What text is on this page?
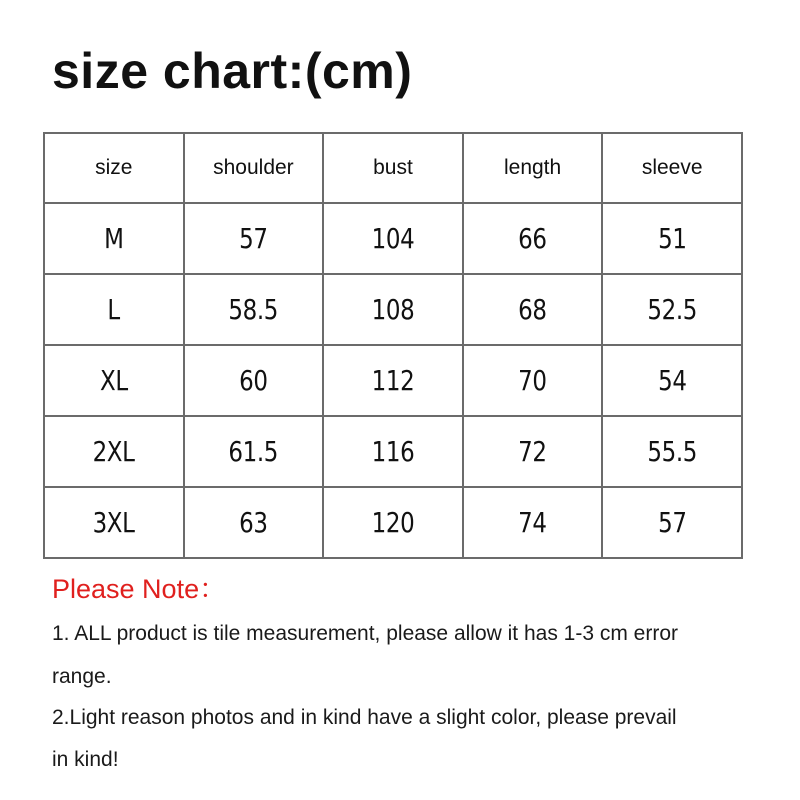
size chart:(cm)
size	shoulder	bust	length	sleeve
M	57	104	66	51
L	58.5	108	68	52.5
XL	60	112	70	54
2XL	61.5	116	72	55.5
3XL	63	120	74	57
Please Note：
1. ALL product is tile measurement, please allow it has 1-3 cm error
range.
2.Light reason photos and in kind have a slight color, please prevail
in kind!
